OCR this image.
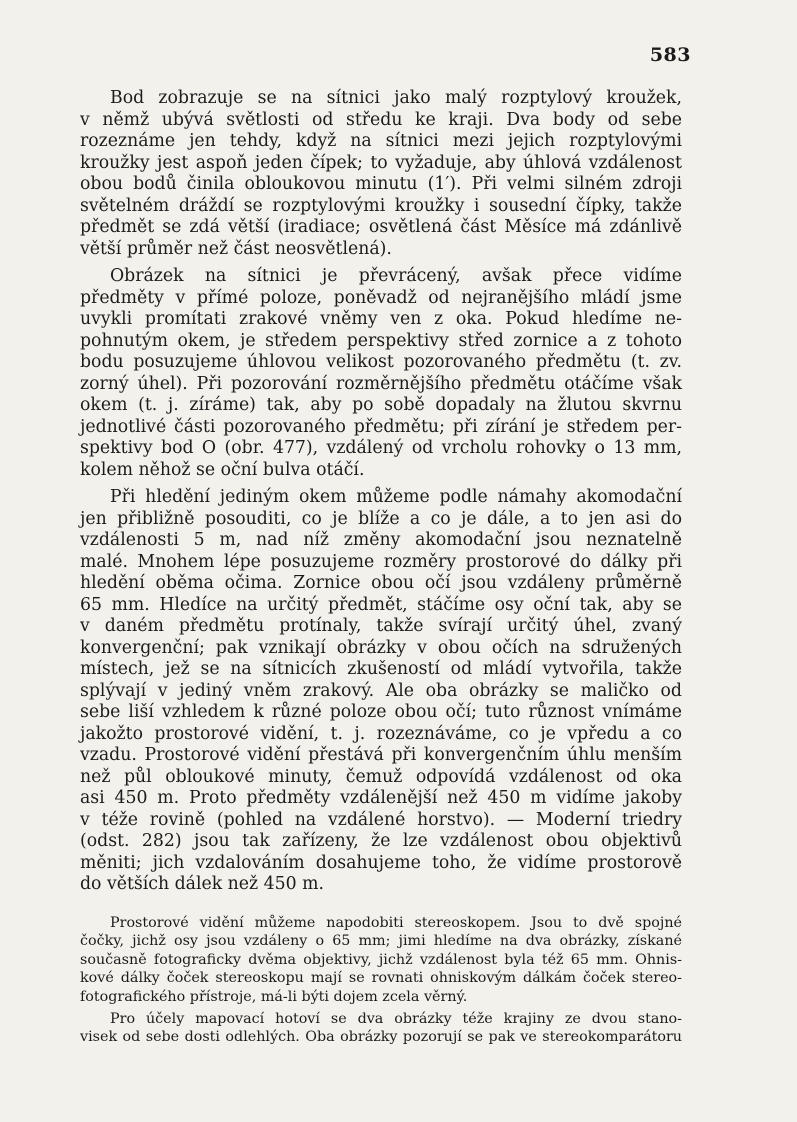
583
Bod zobrazuje se na sítnici jako malý rozptylový kroužek,
v němž ubývá světlosti od středu ke kraji. Dva body od sebe
rozeznáme jen tehdy, když na sítnici mezi jejich rozptylovými
kroužky jest aspoň jeden čípek; to vyžaduje, aby úhlová vzdálenost
obou bodů činila obloukovou minutu (1′). Při velmi silném zdroji
světelném dráždí se rozptylovými kroužky i sousední čípky, takže
předmět se zdá větší (iradiace; osvětlená část Měsíce má zdánlivě
větší průměr než část neosvětlená).
Obrázek na sítnici je převrácený, avšak přece vidíme
předměty v přímé poloze, poněvadž od nejranějšího mládí jsme
uvykli promítati zrakové vněmy ven z oka. Pokud hledíme ne-
pohnutým okem, je středem perspektivy střed zornice a z tohoto
bodu posuzujeme úhlovou velikost pozorovaného předmětu (t. zv.
zorný úhel). Při pozorování rozměrnějšího předmětu otáčíme však
okem (t. j. zíráme) tak, aby po sobě dopadaly na žlutou skvrnu
jednotlivé části pozorovaného předmětu; při zírání je středem per-
spektivy bod O (obr. 477), vzdálený od vrcholu rohovky o 13 mm,
kolem něhož se oční bulva otáčí.
Při hledění jediným okem můžeme podle námahy akomodační
jen přibližně posouditi, co je blíže a co je dále, a to jen asi do
vzdálenosti 5 m, nad níž změny akomodační jsou neznatelně
malé. Mnohem lépe posuzujeme rozměry prostorové do dálky při
hledění oběma očima. Zornice obou očí jsou vzdáleny průměrně
65 mm. Hledíce na určitý předmět, stáčíme osy oční tak, aby se
v daném předmětu protínaly, takže svírají určitý úhel, zvaný
konvergenční; pak vznikají obrázky v obou očích na sdružených
místech, jež se na sítnicích zkušeností od mládí vytvořila, takže
splývají v jediný vněm zrakový. Ale oba obrázky se maličko od
sebe liší vzhledem k různé poloze obou očí; tuto různost vnímáme
jakožto prostorové vidění, t. j. rozeznáváme, co je vpředu a co
vzadu. Prostorové vidění přestává při konvergenčním úhlu menším
než půl obloukové minuty, čemuž odpovídá vzdálenost od oka
asi 450 m. Proto předměty vzdálenější než 450 m vidíme jakoby
v téže rovině (pohled na vzdálené horstvo). — Moderní triedry
(odst. 282) jsou tak zařízeny, že lze vzdálenost obou objektivů
měniti; jich vzdalováním dosahujeme toho, že vidíme prostorově
do větších dálek než 450 m.
Prostorové vidění můžeme napodobiti stereoskopem. Jsou to dvě spojné
čočky, jichž osy jsou vzdáleny o 65 mm; jimi hledíme na dva obrázky, získané
současně fotograficky dvěma objektivy, jichž vzdálenost byla též 65 mm. Ohnis-
kové dálky čoček stereoskopu mají se rovnati ohniskovým dálkám čoček stereo-
fotografického přístroje, má-li býti dojem zcela věrný.
Pro účely mapovací hotoví se dva obrázky téže krajiny ze dvou stano-
visek od sebe dosti odlehlých. Oba obrázky pozorují se pak ve stereokomparátoru
